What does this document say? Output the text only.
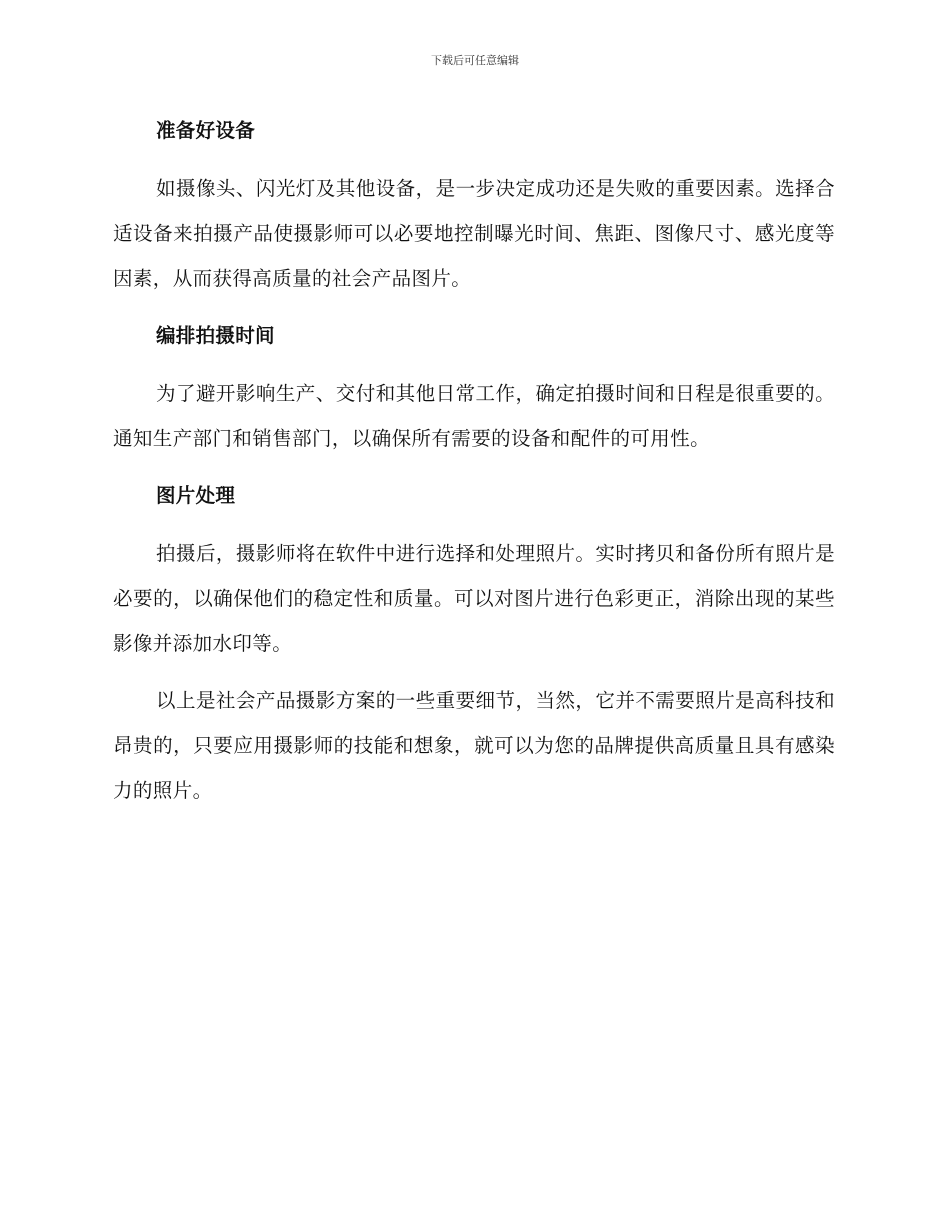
下载后可任意编辑
准备好设备

如摄像头、闪光灯及其他设备，是一步决定成功还是失败的重要因素。选择合适设备来拍摄产品使摄影师可以必要地控制曝光时间、焦距、图像尺寸、感光度等因素，从而获得高质量的社会产品图片。

编排拍摄时间

为了避开影响生产、交付和其他日常工作，确定拍摄时间和日程是很重要的。通知生产部门和销售部门，以确保所有需要的设备和配件的可用性。

图片处理

拍摄后，摄影师将在软件中进行选择和处理照片。实时拷贝和备份所有照片是必要的，以确保他们的稳定性和质量。可以对图片进行色彩更正，消除出现的某些影像并添加水印等。

以上是社会产品摄影方案的一些重要细节，当然，它并不需要照片是高科技和昂贵的，只要应用摄影师的技能和想象，就可以为您的品牌提供高质量且具有感染力的照片。
